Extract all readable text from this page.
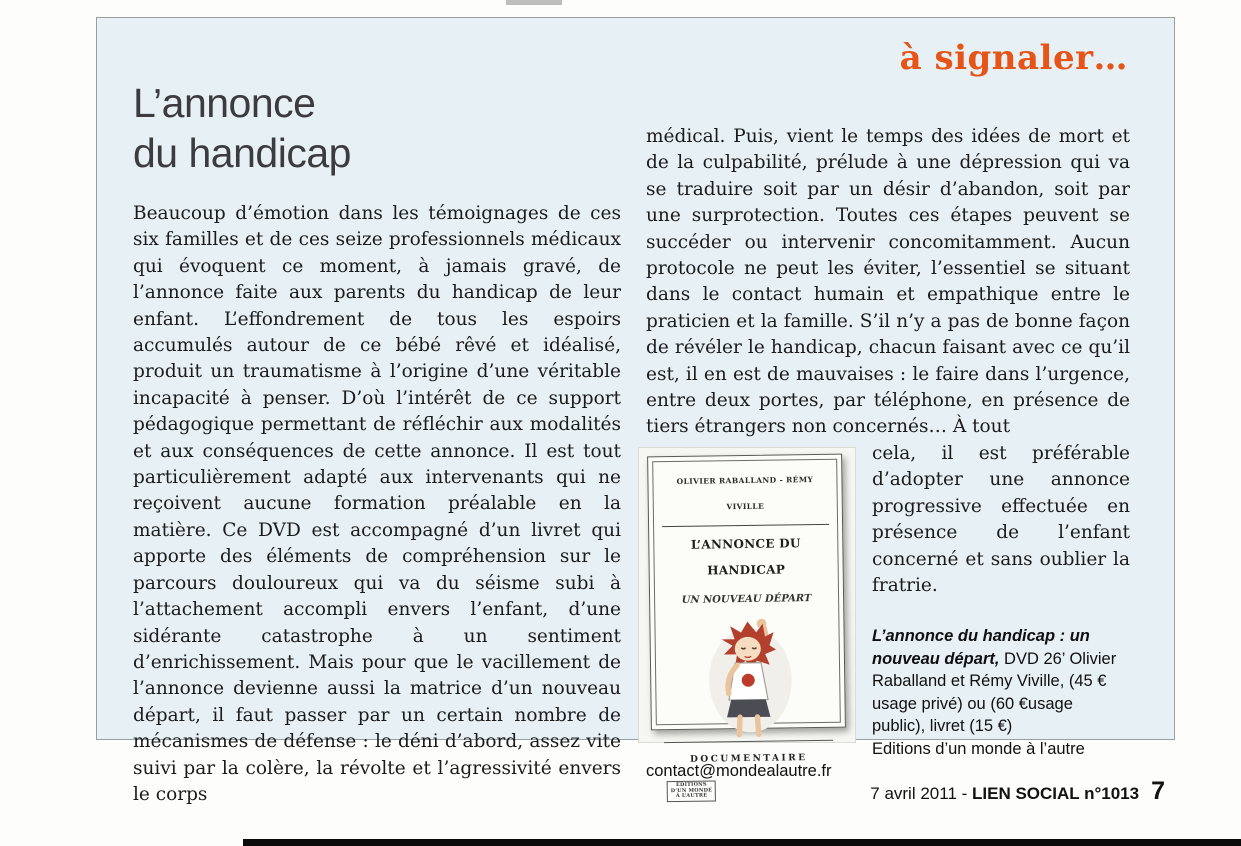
à signaler…
L’annonce
du handicap
Beaucoup d’émotion dans les témoignages de ces six familles et de ces seize professionnels médicaux qui évoquent ce moment, à jamais gravé, de l’annonce faite aux parents du handicap de leur enfant. L’effondrement de tous les espoirs accumulés autour de ce bébé rêvé et idéalisé, produit un traumatisme à l’origine d’une véritable incapacité à penser. D’où l’intérêt de ce support pédagogique permettant de réfléchir aux modalités et aux conséquences de cette annonce. Il est tout particulièrement adapté aux intervenants qui ne reçoivent aucune formation préalable en la matière. Ce DVD est accompagné d’un livret qui apporte des éléments de compréhension sur le parcours douloureux qui va du séisme subi à l’attachement accompli envers l’enfant, d’une sidérante catastrophe à un sentiment d’enrichissement. Mais pour que le vacillement de l’annonce devienne aussi la matrice d’un nouveau départ, il faut passer par un certain nombre de mécanismes de défense : le déni d’abord, assez vite suivi par la colère, la révolte et l’agressivité envers le corps

médical. Puis, vient le temps des idées de mort et de la culpabilité, prélude à une dépression qui va se traduire soit par un désir d’abandon, soit par une surprotection. Toutes ces étapes peuvent se succéder ou intervenir concomitamment. Aucun protocole ne peut les éviter, l’essentiel se situant dans le contact humain et empathique entre le praticien et la famille. S’il n’y a pas de bonne façon de révéler le handicap, chacun faisant avec ce qu’il est, il en est de mauvaises : le faire dans l’urgence, entre deux portes, par téléphone, en présence de tiers étrangers non concernés… À tout

OLIVIER RABALLAND - RÉMY VIVILLE
L’ANNONCE DU HANDICAP
UN NOUVEAU DÉPART
DOCUMENTAIRE
ÉDITIONS
D’UN MONDE
À L’AUTRE

cela, il est préférable d’adopter une annonce progressive effectuée en présence de l’enfant concerné et sans oublier la fratrie.

L’annonce du handicap : un nouveau départ, DVD 26’ Olivier Raballand et Rémy Viville, (45 € usage privé) ou (60 €usage public), livret (15 €)
Editions d’un monde à l’autre
contact@mondealautre.fr
7 avril 2011 - LIEN SOCIAL n°1013 7
